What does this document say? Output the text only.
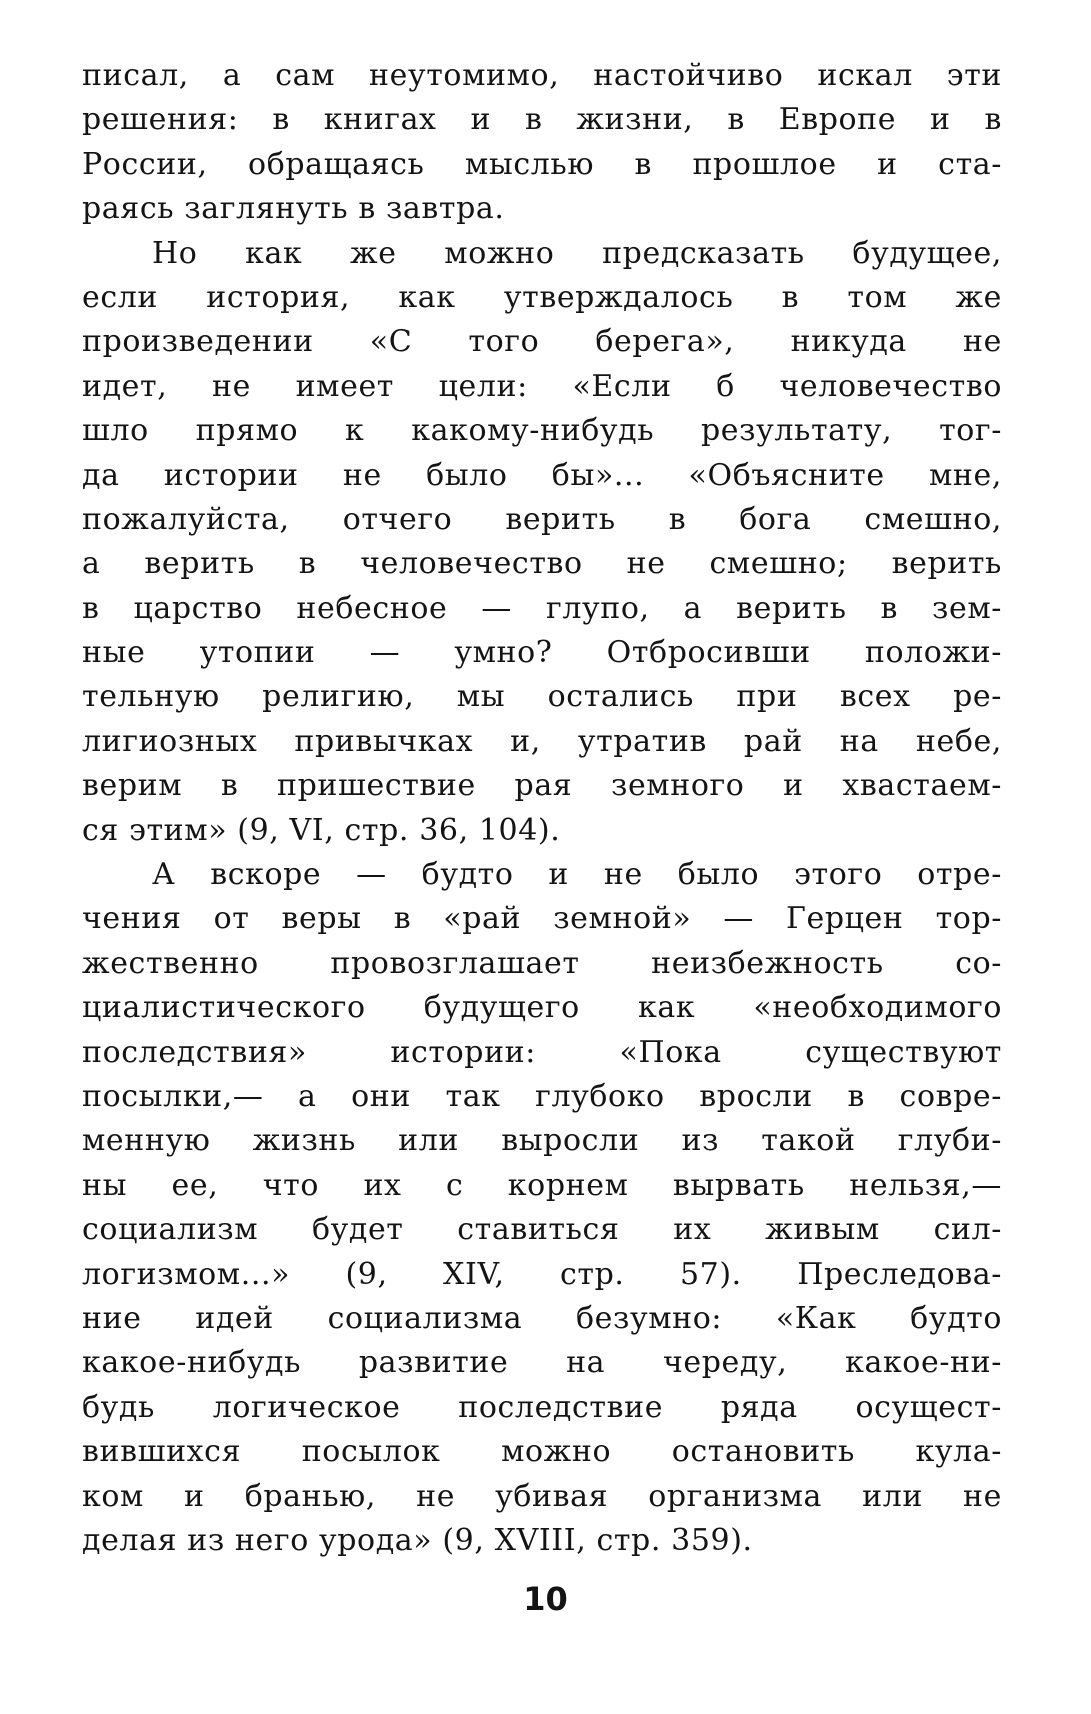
писал, а сам неутомимо, настойчиво искал эти
решения: в книгах и в жизни, в Европе и в
России, обращаясь мыслью в прошлое и ста-
раясь заглянуть в завтра.
Но как же можно предсказать будущее,
если история, как утверждалось в том же
произведении «С того берега», никуда не
идет, не имеет цели: «Если б человечество
шло прямо к какому-нибудь результату, тог-
да истории не было бы»... «Объясните мне,
пожалуйста, отчего верить в бога смешно,
а верить в человечество не смешно; верить
в царство небесное — глупо, а верить в зем-
ные утопии — умно? Отбросивши положи-
тельную религию, мы остались при всех ре-
лигиозных привычках и, утратив рай на небе,
верим в пришествие рая земного и хвастаем-
ся этим» (9, VI, стр. 36, 104).
А вскоре — будто и не было этого отре-
чения от веры в «рай земной» — Герцен тор-
жественно провозглашает неизбежность со-
циалистического будущего как «необходимого
последствия» истории: «Пока существуют
посылки,— а они так глубоко вросли в совре-
менную жизнь или выросли из такой глуби-
ны ее, что их с корнем вырвать нельзя,—
социализм будет ставиться их живым сил-
логизмом...» (9, XIV, стр. 57). Преследова-
ние идей социализма безумно: «Как будто
какое-нибудь развитие на череду, какое-ни-
будь логическое последствие ряда осущест-
вившихся посылок можно остановить кула-
ком и бранью, не убивая организма или не
делая из него урода» (9, XVIII, стр. 359).
10
